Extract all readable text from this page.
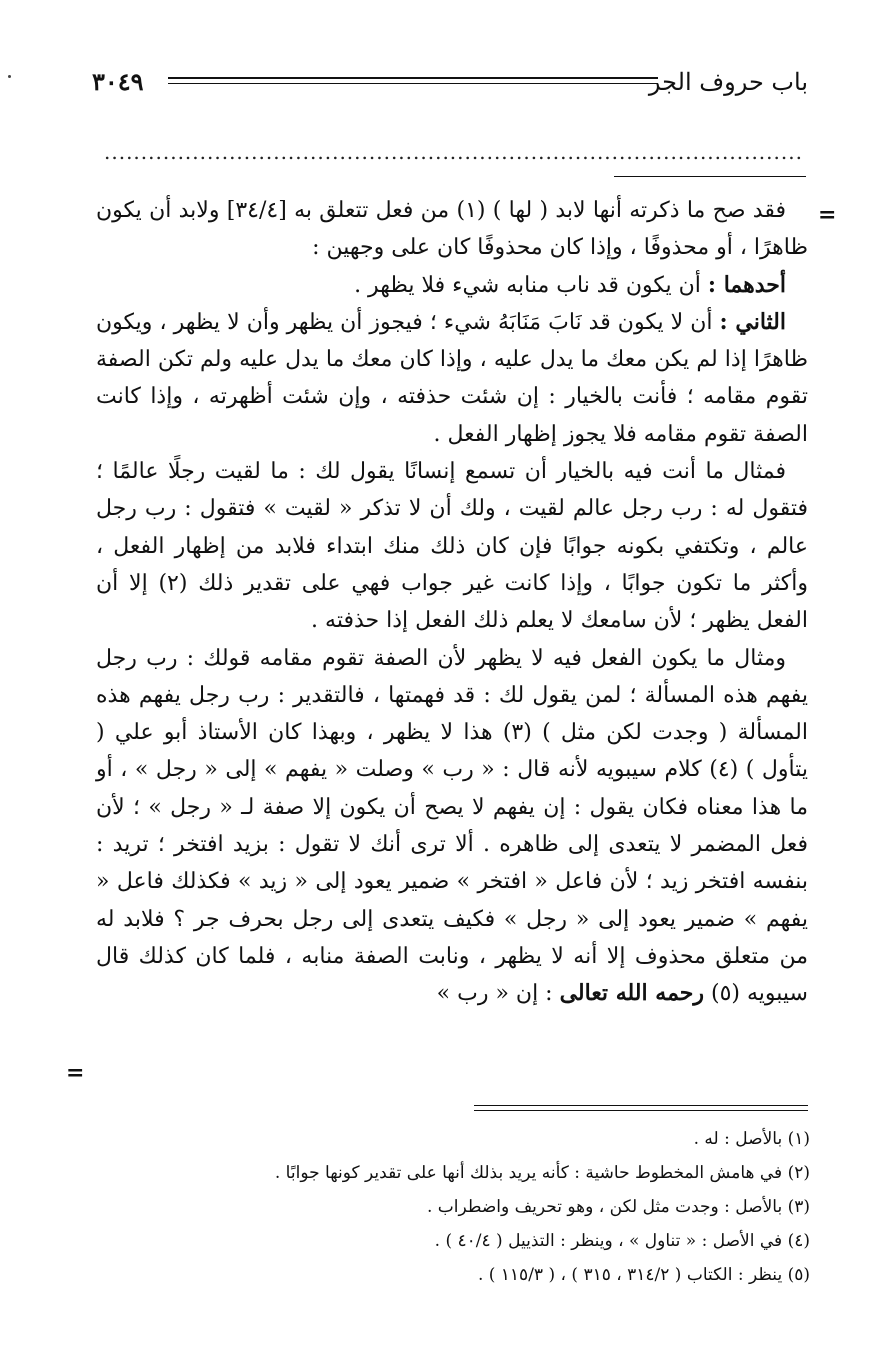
باب حروف الجر
٣٠٤٩
...............................................................................................
=
=

فقد صح ما ذكرته أنها لابد ( لها ) (١) من فعل تتعلق به [٣٤/٤] ولابد أن يكون ظاهرًا ، أو محذوفًا ، وإذا كان محذوفًا كان على وجهين :

أحدهما : أن يكون قد ناب منابه شيء فلا يظهر .

الثاني : أن لا يكون قد نَابَ مَنَابَهُ شيء ؛ فيجوز أن يظهر وأن لا يظهر ، ويكون ظاهرًا إذا لم يكن معك ما يدل عليه ، وإذا كان معك ما يدل عليه ولم تكن الصفة تقوم مقامه ؛ فأنت بالخيار : إن شئت حذفته ، وإن شئت أظهرته ، وإذا كانت الصفة تقوم مقامه فلا يجوز إظهار الفعل .

فمثال ما أنت فيه بالخيار أن تسمع إنسانًا يقول لك : ما لقيت رجلًا عالمًا ؛ فتقول له : رب رجل عالم لقيت ، ولك أن لا تذكر « لقيت » فتقول : رب رجل عالم ، وتكتفي بكونه جوابًا فإن كان ذلك منك ابتداء فلابد من إظهار الفعل ، وأكثر ما تكون جوابًا ، وإذا كانت غير جواب فهي على تقدير ذلك (٢) إلا أن الفعل يظهر ؛ لأن سامعك لا يعلم ذلك الفعل إذا حذفته .

ومثال ما يكون الفعل فيه لا يظهر لأن الصفة تقوم مقامه قولك : رب رجل يفهم هذه المسألة ؛ لمن يقول لك : قد فهمتها ، فالتقدير : رب رجل يفهم هذه المسألة ( وجدت لكن مثل ) (٣) هذا لا يظهر ، وبهذا كان الأستاذ أبو علي ( يتأول ) (٤) كلام سيبويه لأنه قال : « رب » وصلت « يفهم » إلى « رجل » ، أو ما هذا معناه فكان يقول : إن يفهم لا يصح أن يكون إلا صفة لـ « رجل » ؛ لأن فعل المضمر لا يتعدى إلى ظاهره . ألا ترى أنك لا تقول : بزيد افتخر ؛ تريد : بنفسه افتخر زيد ؛ لأن فاعل « افتخر » ضمير يعود إلى « زيد » فكذلك فاعل « يفهم » ضمير يعود إلى « رجل » فكيف يتعدى إلى رجل بحرف جر ؟ فلابد له من متعلق محذوف إلا أنه لا يظهر ، ونابت الصفة منابه ، فلما كان كذلك قال سيبويه (٥) رحمه الله تعالى : إن « رب »

(١) بالأصل : له .
(٢) في هامش المخطوط حاشية : كأنه يريد بذلك أنها على تقدير كونها جوابًا .
(٣) بالأصل : وجدت مثل لكن ، وهو تحريف واضطراب .
(٤) في الأصل : « تناول » ، وينظر : التذييل ( ٤٠/٤ ) .
(٥) ينظر : الكتاب ( ٣١٤/٢ ، ٣١٥ ) ، ( ١١٥/٣ ) .
